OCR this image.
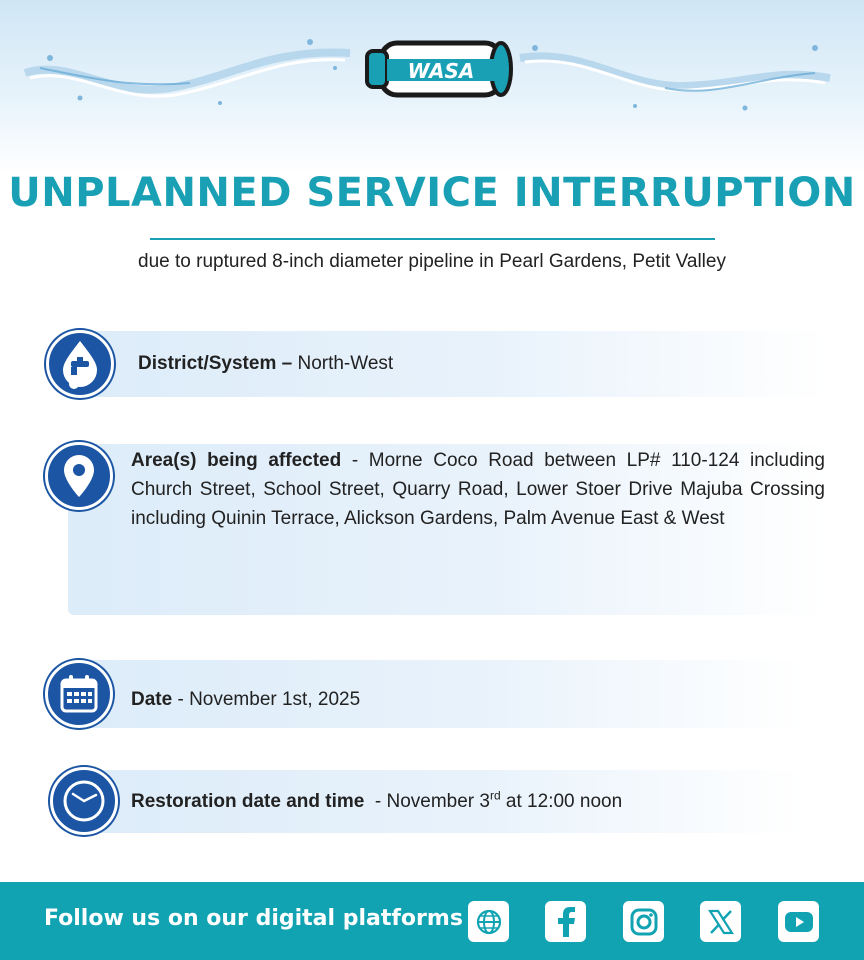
WASA
UNPLANNED SERVICE INTERRUPTION
due to ruptured 8-inch diameter pipeline in Pearl Gardens, Petit Valley
District/System – North-West
Area(s) being affected - Morne Coco Road between LP# 110-124 including Church Street, School Street, Quarry Road, Lower Stoer Drive Majuba Crossing including Quinin Terrace, Alickson Gardens, Palm Avenue East & West
Date - November 1st, 2025
Restoration date and time  - November 3rd at 12:00 noon
Follow us on our digital platforms
